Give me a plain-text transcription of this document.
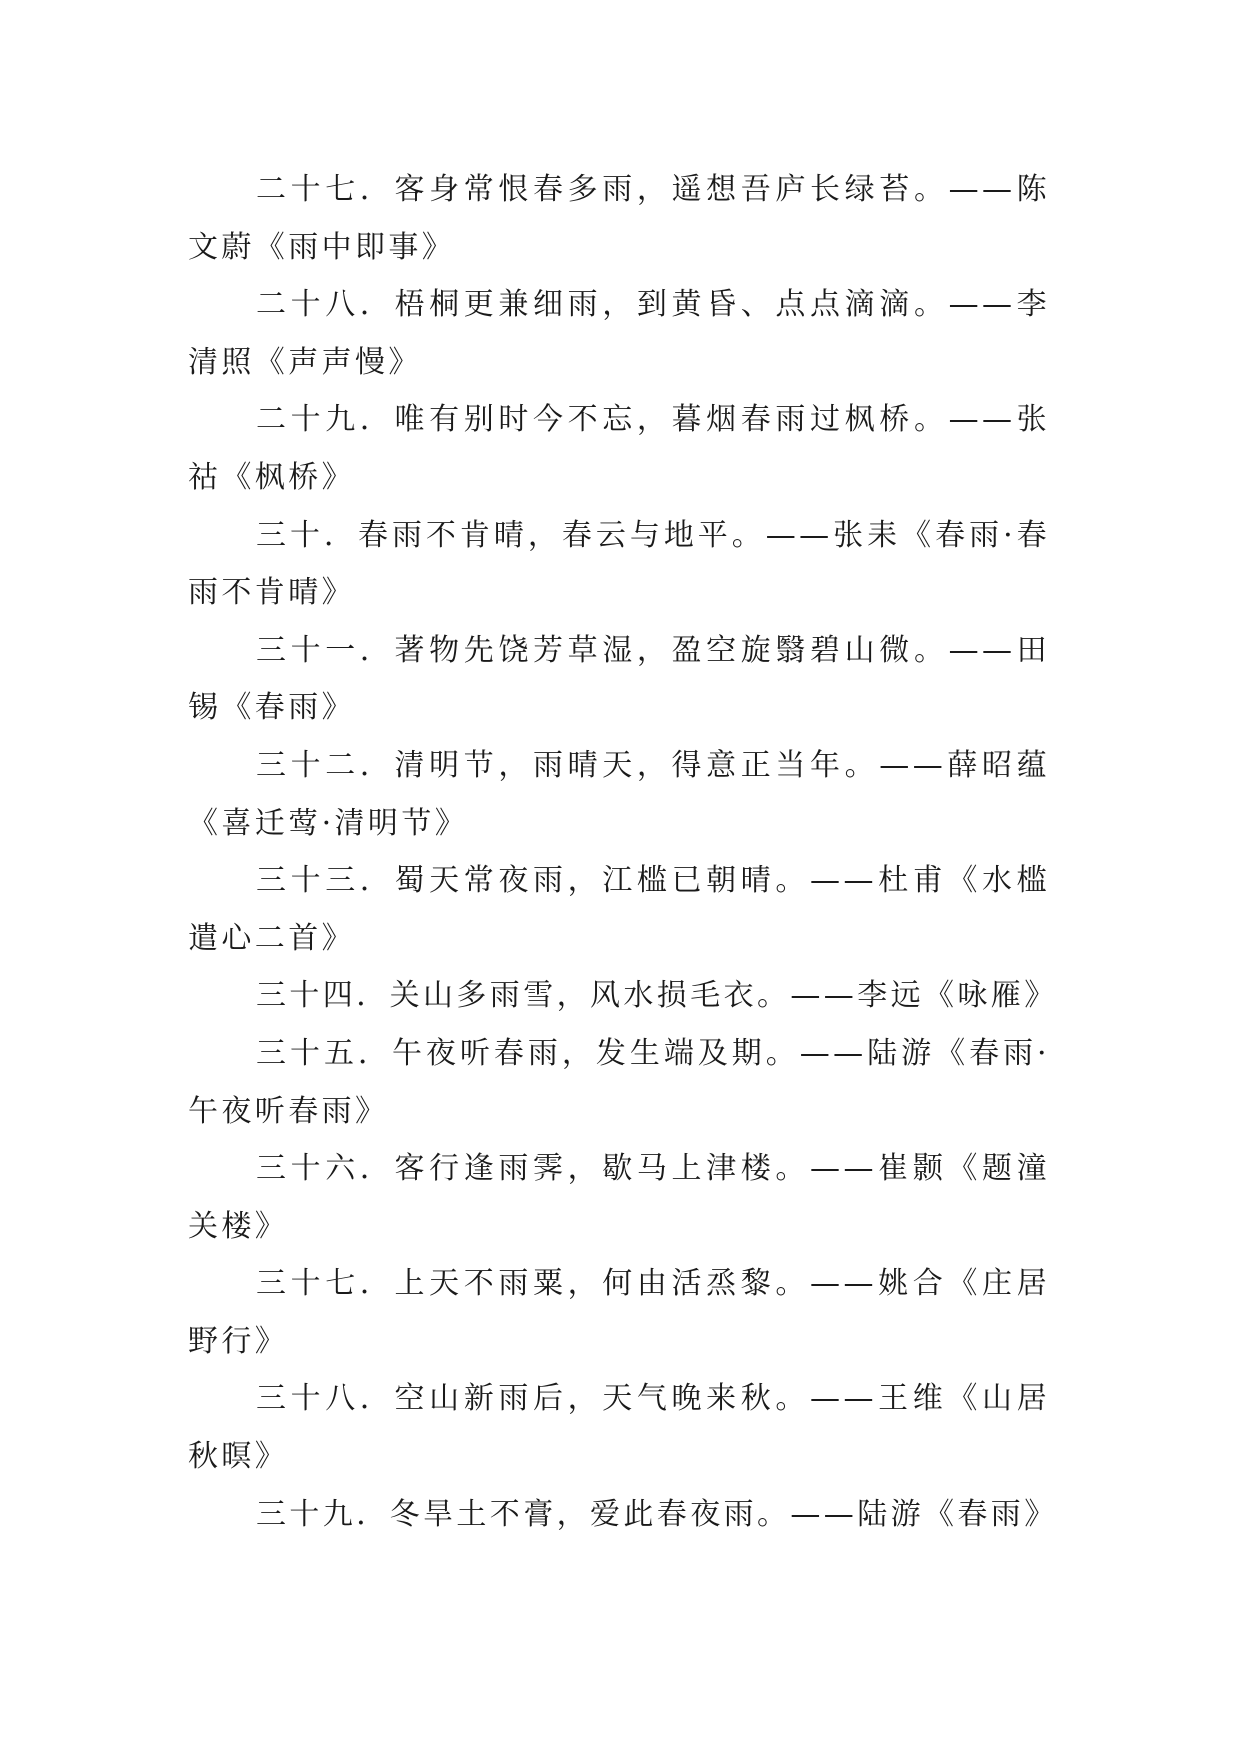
二十七．客身常恨春多雨，遥想吾庐长绿苔。——陈文蔚《雨中即事》

二十八．梧桐更兼细雨，到黄昏、点点滴滴。——李清照《声声慢》

二十九．唯有别时今不忘，暮烟春雨过枫桥。——张祜《枫桥》

三十．春雨不肯晴，春云与地平。——张耒《春雨·春雨不肯晴》

三十一．著物先饶芳草湿，盈空旋翳碧山微。——田锡《春雨》

三十二．清明节，雨晴天，得意正当年。——薛昭蕴《喜迁莺·清明节》

三十三．蜀天常夜雨，江槛已朝晴。——杜甫《水槛遣心二首》

三十四．关山多雨雪，风水损毛衣。——李远《咏雁》

三十五．午夜听春雨，发生端及期。——陆游《春雨·午夜听春雨》

三十六．客行逢雨霁，歇马上津楼。——崔颢《题潼关楼》

三十七．上天不雨粟，何由活烝黎。——姚合《庄居野行》

三十八．空山新雨后，天气晚来秋。——王维《山居秋暝》

三十九．冬旱土不膏，爱此春夜雨。——陆游《春雨》
